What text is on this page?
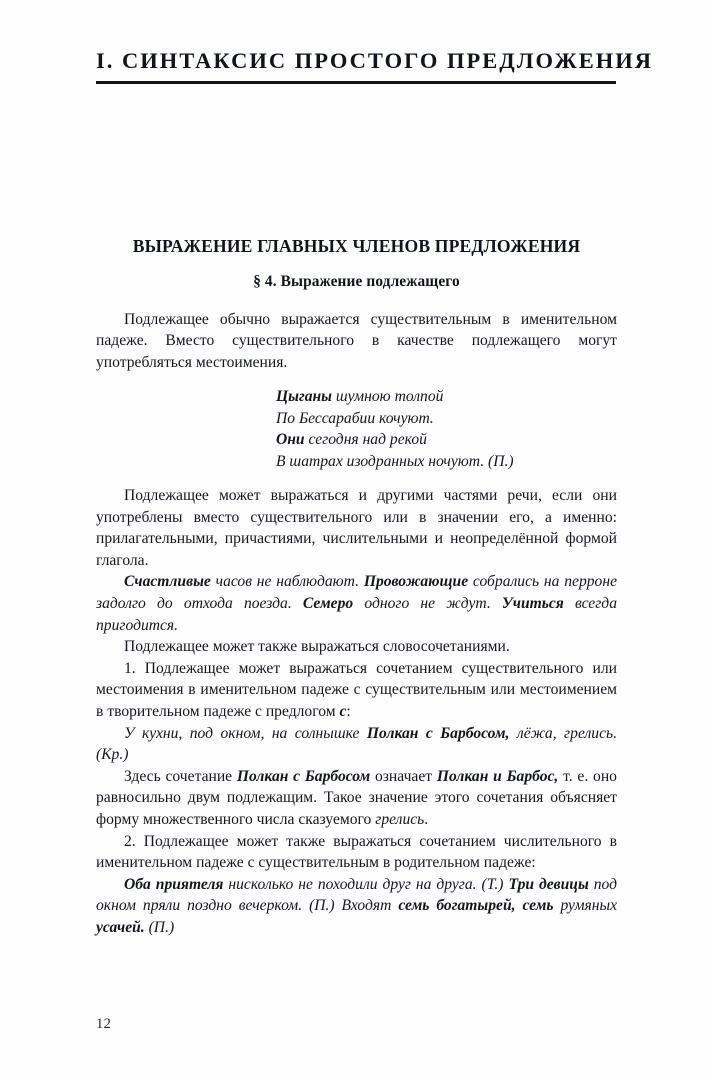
I. СИНТАКСИС ПРОСТОГО ПРЕДЛОЖЕНИЯ
ВЫРАЖЕНИЕ ГЛАВНЫХ ЧЛЕНОВ ПРЕДЛОЖЕНИЯ
§ 4. Выражение подлежащего

Подлежащее обычно выражается существительным в именительном падеже. Вместо существительного в качестве подлежащего могут употребляться местоимения.

Цыганы шумною толпой
По Бессарабии кочуют.
Они сегодня над рекой
В шатрах изодранных ночуют. (П.)

Подлежащее может выражаться и другими частями речи, если они употреблены вместо существительного или в значении его, а именно: прилагательными, причастиями, числительными и неопределённой формой глагола.

Счастливые часов не наблюдают. Провожающие собрались на перроне задолго до отхода поезда. Семеро одного не ждут. Учиться всегда пригодится.

Подлежащее может также выражаться словосочетаниями.

1. Подлежащее может выражаться сочетанием существительного или местоимения в именительном падеже с существительным или местоимением в творительном падеже с предлогом с:

У кухни, под окном, на солнышке Полкан с Барбосом, лёжа, грелись. (Кр.)

Здесь сочетание Полкан с Барбосом означает Полкан и Барбос, т. е. оно равносильно двум подлежащим. Такое значение этого сочетания объясняет форму множественного числа сказуемого грелись.

2. Подлежащее может также выражаться сочетанием числительного в именительном падеже с существительным в родительном падеже:

Оба приятеля нисколько не походили друг на друга. (Т.) Три девицы под окном пряли поздно вечерком. (П.) Входят семь богатырей, семь румяных усачей. (П.)

12
